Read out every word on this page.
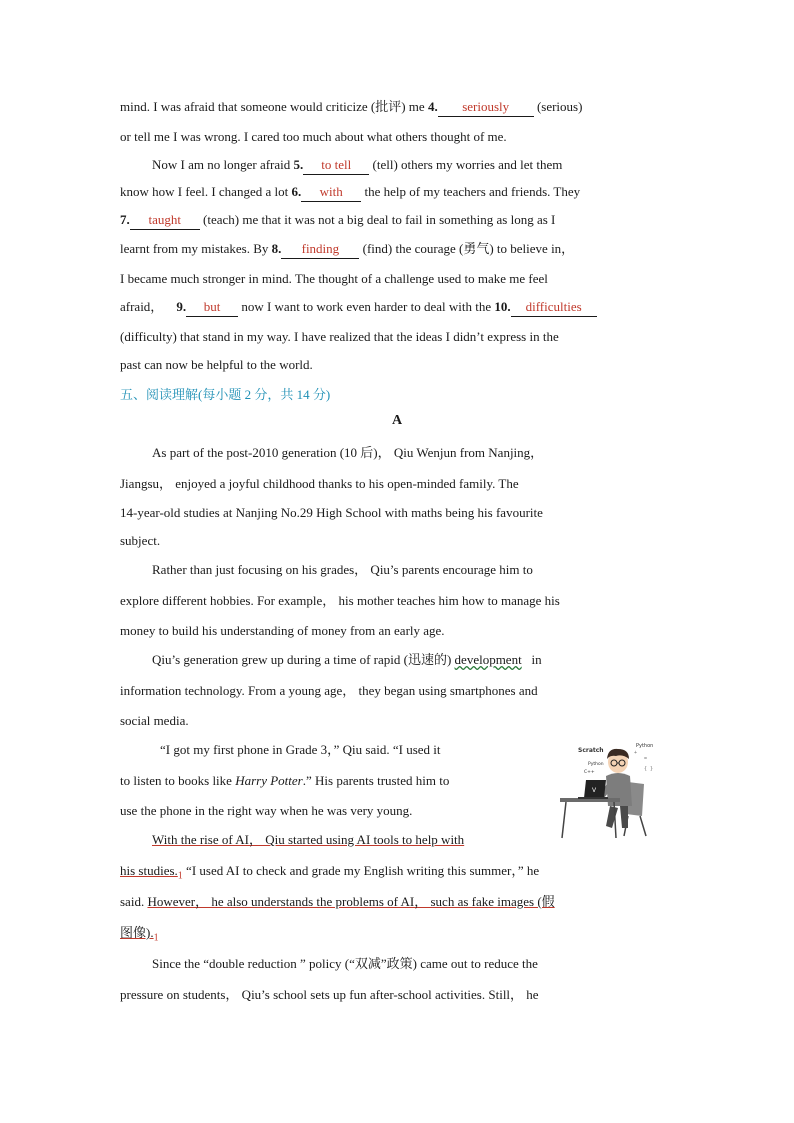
mind. I was afraid that someone would criticize (批评) me 4. seriously (serious)
or tell me I was wrong. I cared too much about what others thought of me.
Now I am no longer afraid 5. to tell (tell) others my worries and let them
know how I feel. I changed a lot 6. with the help of my teachers and friends. They
7. taught (teach) me that it was not a big deal to fail in something as long as I
learnt from my mistakes. By 8. finding (find) the courage (勇气) to believe in，
I became much stronger in mind. The thought of a challenge used to make me feel
afraid， 9. but now I want to work even harder to deal with the 10. difficulties
(difficulty) that stand in my way. I have realized that the ideas I didn’t express in the
past can now be helpful to the world.
五、阅读理解(每小题 2 分，共 14 分)
A
As part of the post-2010 generation (10 后)， Qiu Wenjun from Nanjing，
Jiangsu， enjoyed a joyful childhood thanks to his open-minded family. The
14-year-old studies at Nanjing No.29 High School with maths being his favourite
subject.
Rather than just focusing on his grades， Qiu’s parents encourage him to
explore different hobbies. For example， his mother teaches him how to manage his
money to build his understanding of money from an early age.
Qiu’s generation grew up during a time of rapid (迅速的) development in
information technology. From a young age， they began using smartphones and
social media.
“I got my first phone in Grade 3，” Qiu said. “I used it
to listen to books like Harry Potter.” His parents trusted him to
use the phone in the right way when he was very young.
With the rise of AI， Qiu started using AI tools to help with
his $studies._1$ “I used AI to check and grade my English writing this summer，” he
said. However， he also understands the problems of AI， such as fake images (假
图像)$._1$
Since the “double reduction ” policy (“双减”政策) came out to reduce the
pressure on students， Qiu’s school sets up fun after-school activities. Still， he
Scratch
Python
Python
C++
V
=
{ }
+
